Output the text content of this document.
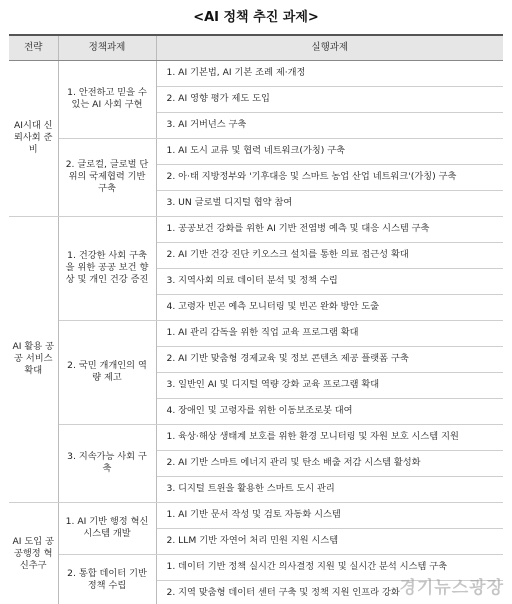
<AI 정책 추진 과제>
전략	정책과제	실행과제
AI시대 신뢰사회 준비	1. 안전하고 믿을 수 있는 AI 사회 구현	1. AI 기본법, AI 기본 조례 제·개정
		2. AI 영향 평가 제도 도입
		3. AI 거버넌스 구축
	2. 글로컬, 글로벌 단위의 국제협력 기반 구축	1. AI 도시 교류 및 협력 네트워크(가칭) 구축
		2. 아·태 지방정부와 '기후대응 및 스마트 농업 산업 네트워크'(가칭) 구축
		3. UN 글로벌 디지털 협약 참여
AI 활용 공공 서비스 확대	1. 건강한 사회 구축을 위한 공공 보건 향상 및 개인 건강 증진	1. 공공보건 강화를 위한 AI 기반 전염병 예측 및 대응 시스템 구축
		2. AI 기반 건강 진단 키오스크 설치를 통한 의료 접근성 확대
		3. 지역사회 의료 데이터 분석 및 정책 수립
		4. 고령자 빈곤 예측 모니터링 및 빈곤 완화 방안 도출
	2. 국민 개개인의 역량 제고	1. AI 관리 감독을 위한 직업 교육 프로그램 확대
		2. AI 기반 맞춤형 경제교육 및 정보 콘텐츠 제공 플랫폼 구축
		3. 일반인 AI 및 디지털 역량 강화 교육 프로그램 확대
		4. 장애인 및 고령자를 위한 이동보조로봇 대여
	3. 지속가능 사회 구축	1. 육상·해상 생태계 보호를 위한 환경 모니터링 및 자원 보호 시스템 지원
		2. AI 기반 스마트 에너지 관리 및 탄소 배출 저감 시스템 활성화
		3. 디지털 트윈을 활용한 스마트 도시 관리
AI 도입 공공행정 혁신추구	1. AI 기반 행정 혁신 시스템 개발	1. AI 기반 문서 작성 및 검토 자동화 시스템
		2. LLM 기반 자연어 처리 민원 지원 시스템
	2. 통합 데이터 기반 정책 수립	1. 데이터 기반 정책 실시간 의사결정 지원 및 실시간 분석 시스템 구축
		2. 지역 맞춤형 데이터 센터 구축 및 정책 지원 인프라 강화 경기뉴스광장
